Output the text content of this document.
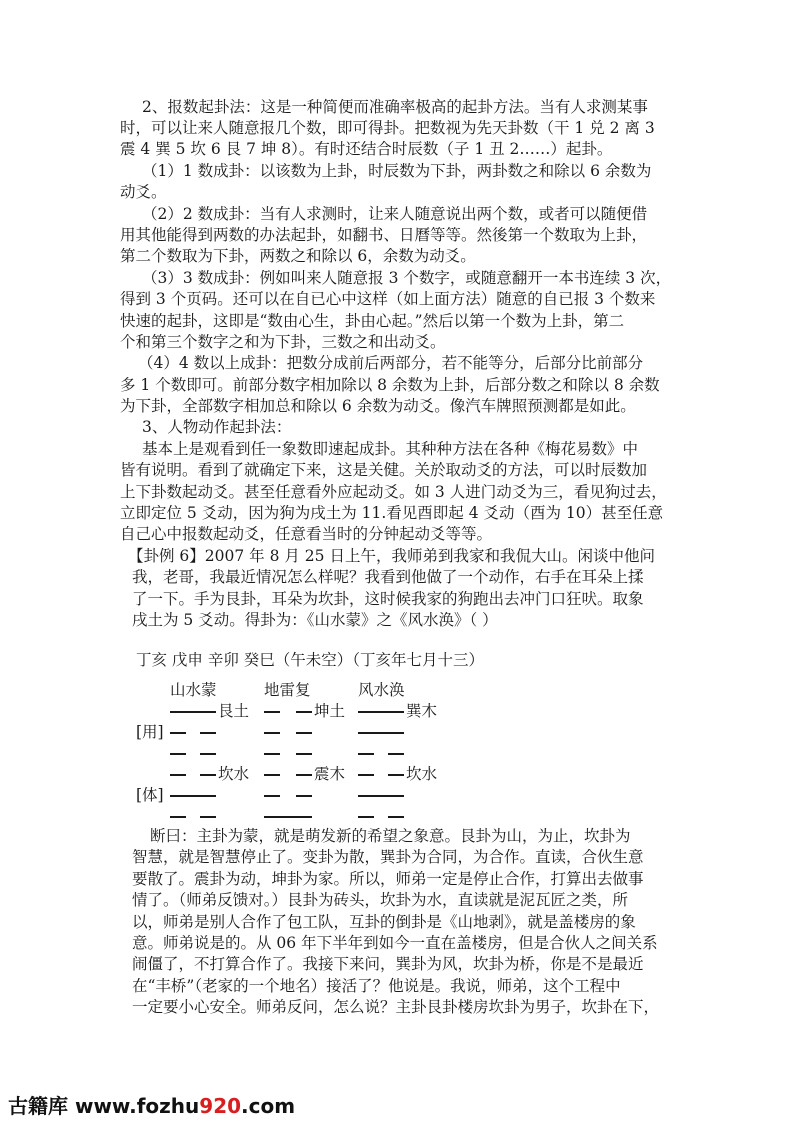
2、报数起卦法：这是一种简便而准确率极高的起卦方法。当有人求测某事
时，可以让来人随意报几个数，即可得卦。把数视为先天卦数（干 1 兑 2 离 3
震 4 巽 5 坎 6 艮 7 坤 8）。有时还结合时辰数（子 1 丑 2……）起卦。
（1）1 数成卦：以该数为上卦，时辰数为下卦，两卦数之和除以 6 余数为
动爻。
（2）2 数成卦：当有人求测时，让来人随意说出两个数，或者可以随便借
用其他能得到两数的办法起卦，如翻书、日曆等等。然後第一个数取为上卦，
第二个数取为下卦，两数之和除以 6，余数为动爻。
（3）3 数成卦：例如叫来人随意报 3 个数字，或随意翻开一本书连续 3 次，
得到 3 个页码。还可以在自已心中这样（如上面方法）随意的自已报 3 个数来
快速的起卦，这即是“数由心生，卦由心起。”然后以第一个数为上卦，第二
个和第三个数字之和为下卦，三数之和出动爻。
（4）4 数以上成卦：把数分成前后两部分，若不能等分，后部分比前部分
多 1 个数即可。前部分数字相加除以 8 余数为上卦，后部分数之和除以 8 余数
为下卦，全部数字相加总和除以 6 余数为动爻。像汽车牌照预测都是如此。
3、人物动作起卦法：
基本上是观看到任一象数即速起成卦。其种种方法在各种《梅花易数》中
皆有说明。看到了就确定下来，这是关健。关於取动爻的方法，可以时辰数加
上下卦数起动爻。甚至任意看外应起动爻。如 3 人进门动爻为三，看见狗过去，
立即定位 5 爻动，因为狗为戌土为 11.看见酉即起 4 爻动（酉为 10）甚至任意
自己心中报数起动爻，任意看当时的分钟起动爻等等。
【卦例 6】2007 年 8 月 25 日上午，我师弟到我家和我侃大山。闲谈中他问
我，老哥，我最近情况怎么样呢？我看到他做了一个动作，右手在耳朵上揉
了一下。手为艮卦，耳朵为坎卦，这时候我家的狗跑出去冲门口狂吠。取象
戌土为 5 爻动。得卦为：《山水蒙》之《风水涣》（ ）
丁亥 戊申 辛卯 癸巳（午未空）（丁亥年七月十三）
山水蒙	地雷复	风水涣
艮土	坤土	巽木
[用]
坎水	震木	坎水
[体]
断曰：主卦为蒙，就是萌发新的希望之象意。艮卦为山，为止，坎卦为
智慧，就是智慧停止了。变卦为散，巽卦为合同，为合作。直读，合伙生意
要散了。震卦为动，坤卦为家。所以，师弟一定是停止合作，打算出去做事
情了。（师弟反馈对。）艮卦为砖头，坎卦为水，直读就是泥瓦匠之类，所
以，师弟是别人合作了包工队，互卦的倒卦是《山地剥》，就是盖楼房的象
意。师弟说是的。从 06 年下半年到如今一直在盖楼房，但是合伙人之间关系
闹僵了，不打算合作了。我接下来问，巽卦为风，坎卦为桥，你是不是最近
在“丰桥”（老家的一个地名）接活了？他说是。我说，师弟，这个工程中
一定要小心安全。师弟反问，怎么说？主卦艮卦楼房坎卦为男子，坎卦在下，
古籍库 www.fozhu920.com
